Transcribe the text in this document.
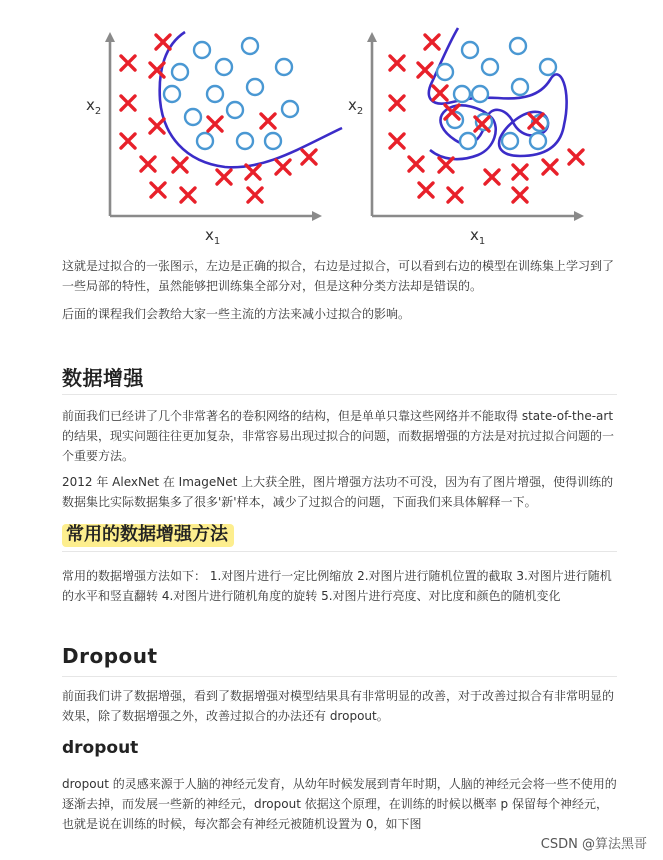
$x_2$
$x_1$
$x_2$
$x_1$

这就是过拟合的一张图示，左边是正确的拟合，右边是过拟合，可以看到右边的模型在训练集上学习到了一些局部的特性，虽然能够把训练集全部分对，但是这种分类方法却是错误的。

后面的课程我们会教给大家一些主流的方法来减小过拟合的影响。

数据增强

前面我们已经讲了几个非常著名的卷积网络的结构，但是单单只靠这些网络并不能取得 state-of-the-art 的结果，现实问题往往更加复杂，非常容易出现过拟合的问题，而数据增强的方法是对抗过拟合问题的一个重要方法。

2012 年 AlexNet 在 ImageNet 上大获全胜，图片增强方法功不可没，因为有了图片增强，使得训练的数据集比实际数据集多了很多'新'样本，减少了过拟合的问题，下面我们来具体解释一下。

常用的数据增强方法

常用的数据增强方法如下： 1.对图片进行一定比例缩放 2.对图片进行随机位置的截取 3.对图片进行随机的水平和竖直翻转 4.对图片进行随机角度的旋转 5.对图片进行亮度、对比度和颜色的随机变化

Dropout

前面我们讲了数据增强，看到了数据增强对模型结果具有非常明显的改善，对于改善过拟合有非常明显的效果，除了数据增强之外，改善过拟合的办法还有 dropout。

dropout

dropout 的灵感来源于人脑的神经元发育，从幼年时候发展到青年时期，人脑的神经元会将一些不使用的逐渐去掉，而发展一些新的神经元，dropout 依据这个原理，在训练的时候以概率 p 保留每个神经元，也就是说在训练的时候，每次都会有神经元被随机设置为 0，如下图

CSDN @算法黑哥
